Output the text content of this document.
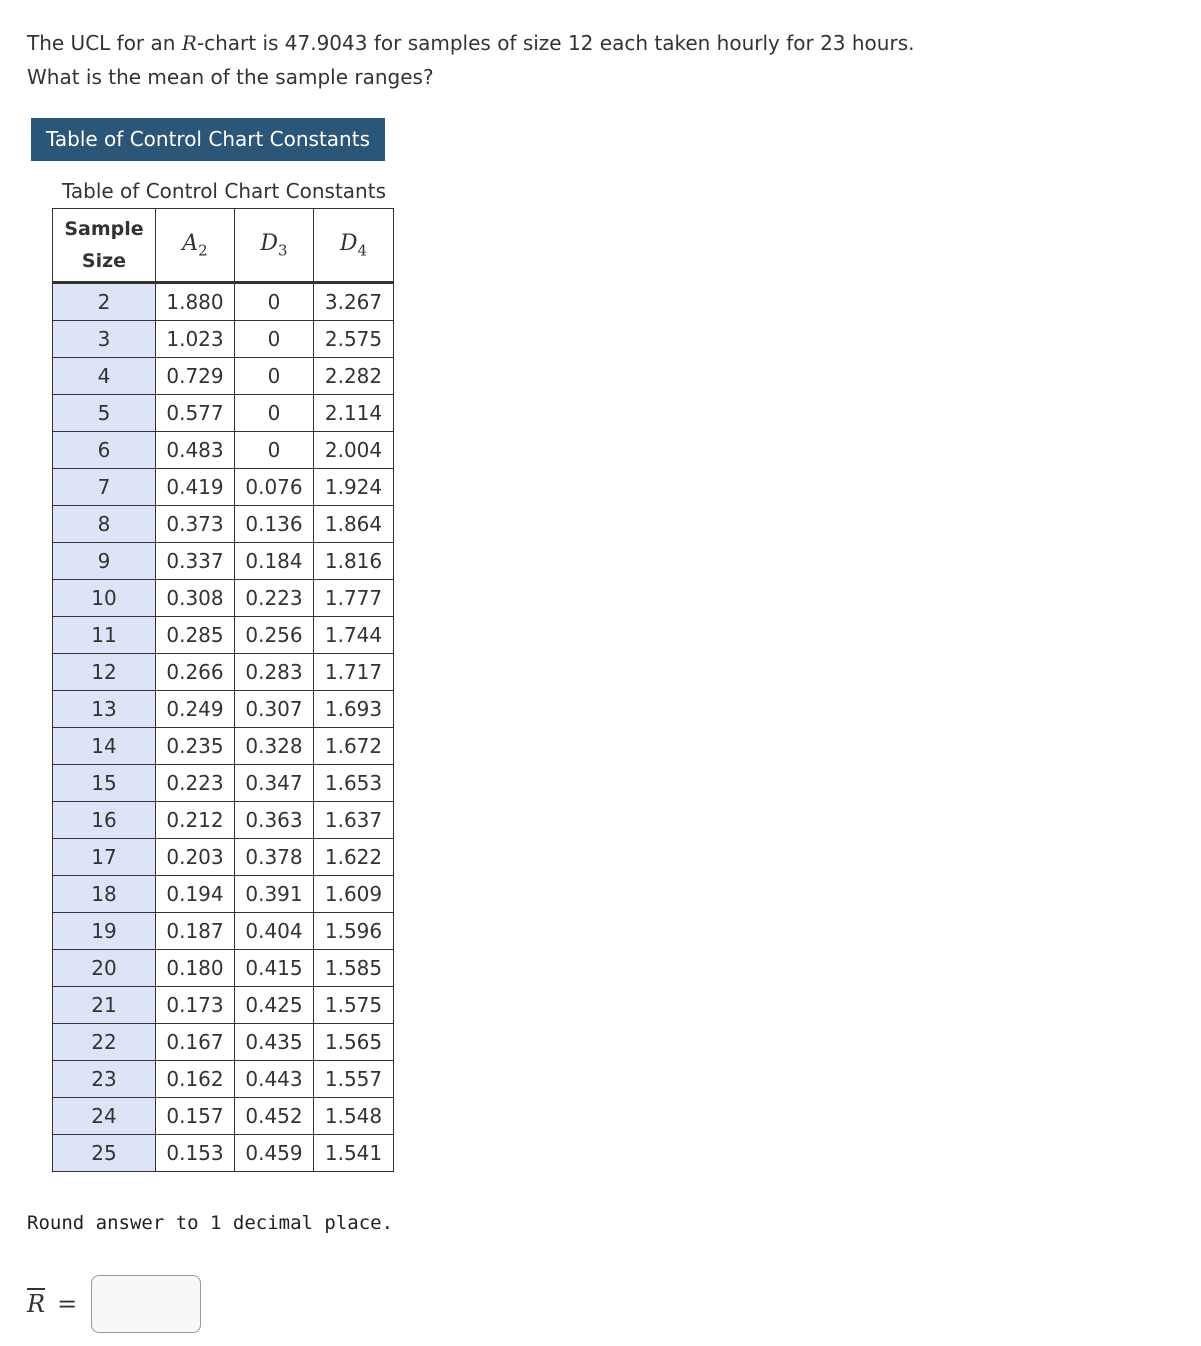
The UCL for an R-chart is 47.9043 for samples of size 12 each taken hourly for 23 hours.
What is the mean of the sample ranges?
Table of Control Chart Constants
Table of Control Chart Constants
Sample
Size	$A_2$	$D_3$	$D_4$
2	1.880	0	3.267
3	1.023	0	2.575
4	0.729	0	2.282
5	0.577	0	2.114
6	0.483	0	2.004
7	0.419	0.076	1.924
8	0.373	0.136	1.864
9	0.337	0.184	1.816
10	0.308	0.223	1.777
11	0.285	0.256	1.744
12	0.266	0.283	1.717
13	0.249	0.307	1.693
14	0.235	0.328	1.672
15	0.223	0.347	1.653
16	0.212	0.363	1.637
17	0.203	0.378	1.622
18	0.194	0.391	1.609
19	0.187	0.404	1.596
20	0.180	0.415	1.585
21	0.173	0.425	1.575
22	0.167	0.435	1.565
23	0.162	0.443	1.557
24	0.157	0.452	1.548
25	0.153	0.459	1.541
Round answer to 1 decimal place.
$\overline{R}$ =
